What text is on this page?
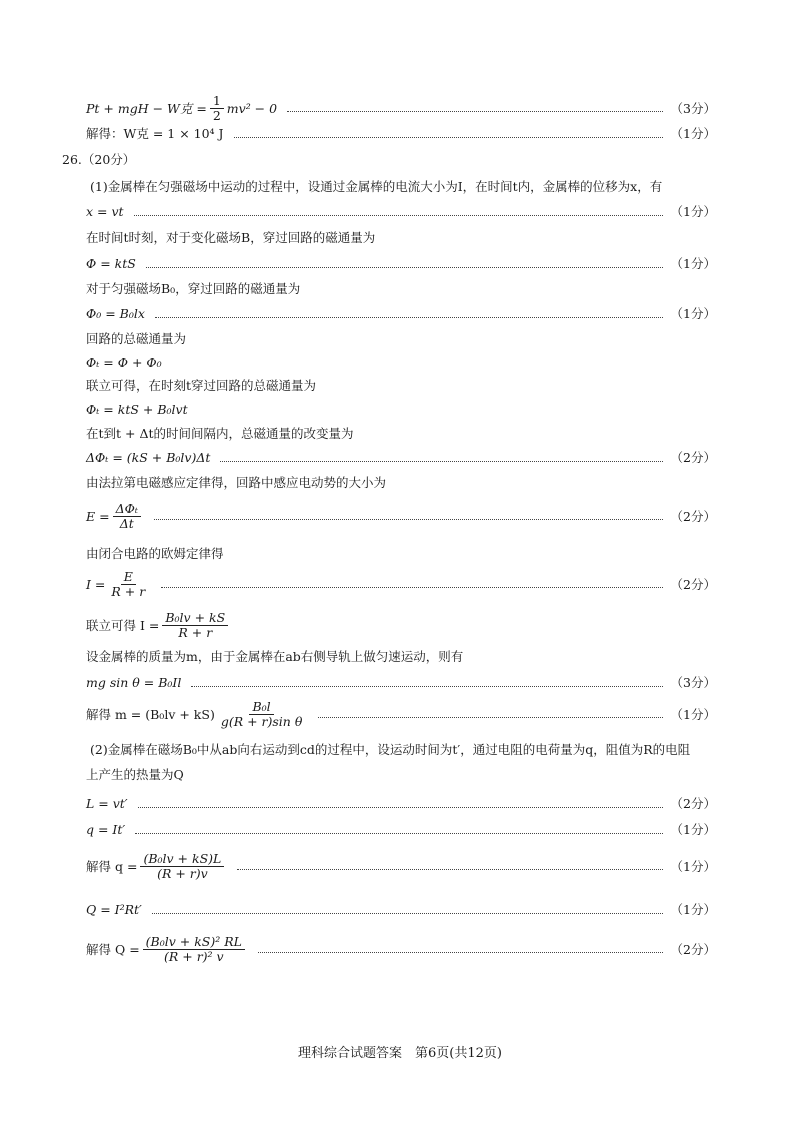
Pt + mgH − W克 = $\frac{1}{2} mv^2 - 0$	（3分）
解得：W克 = 1 × 10⁴ J	（1分）
26.（20分）
(1)金属棒在匀强磁场中运动的过程中，设通过金属棒的电流大小为I，在时间t内，金属棒的位移为x，有
x = vt	（1分）
在时间t时刻，对于变化磁场B，穿过回路的磁通量为
Φ = ktS	（1分）
对于匀强磁场B₀，穿过回路的磁通量为
Φ₀ = B₀lx	（1分）
回路的总磁通量为
Φₜ = Φ + Φ₀
联立可得，在时刻t穿过回路的总磁通量为
Φₜ = ktS + B₀lvt
在t到t + Δt的时间间隔内，总磁通量的改变量为
ΔΦₜ = (kS + B₀lv)Δt	（2分）
由法拉第电磁感应定律得，回路中感应电动势的大小为
$E = \frac{\text{ΔΦₜ}}{\Delta t}$	（2分）
由闭合电路的欧姆定律得
$I = \frac{E}{R + r}$	（2分）
联立可得 $I = \frac{\text{B₀lv + kS}}{R + r}$
设金属棒的质量为m，由于金属棒在ab右侧导轨上做匀速运动，则有
mg sin θ = B₀Il	（3分）
解得 $m = (B_0lv + kS) \frac{\text{B₀l}}{\text{g(R + r)sin θ}}$	（1分）
(2)金属棒在磁场B₀中从ab向右运动到cd的过程中，设运动时间为t′，通过电阻的电荷量为q，阻值为R的电阻
上产生的热量为Q
L = vt′	（2分）
q = It′	（1分）
解得 $q = \frac{\text{(B₀lv + kS)L}}{(R + r)v}$	（1分）
Q = I²Rt′	（1分）
解得 $Q = \frac{\text{(B₀lv + kS)² RL}}{\text{(R + r)² v}}$	（2分）
理科综合试题答案　第6页(共12页)
